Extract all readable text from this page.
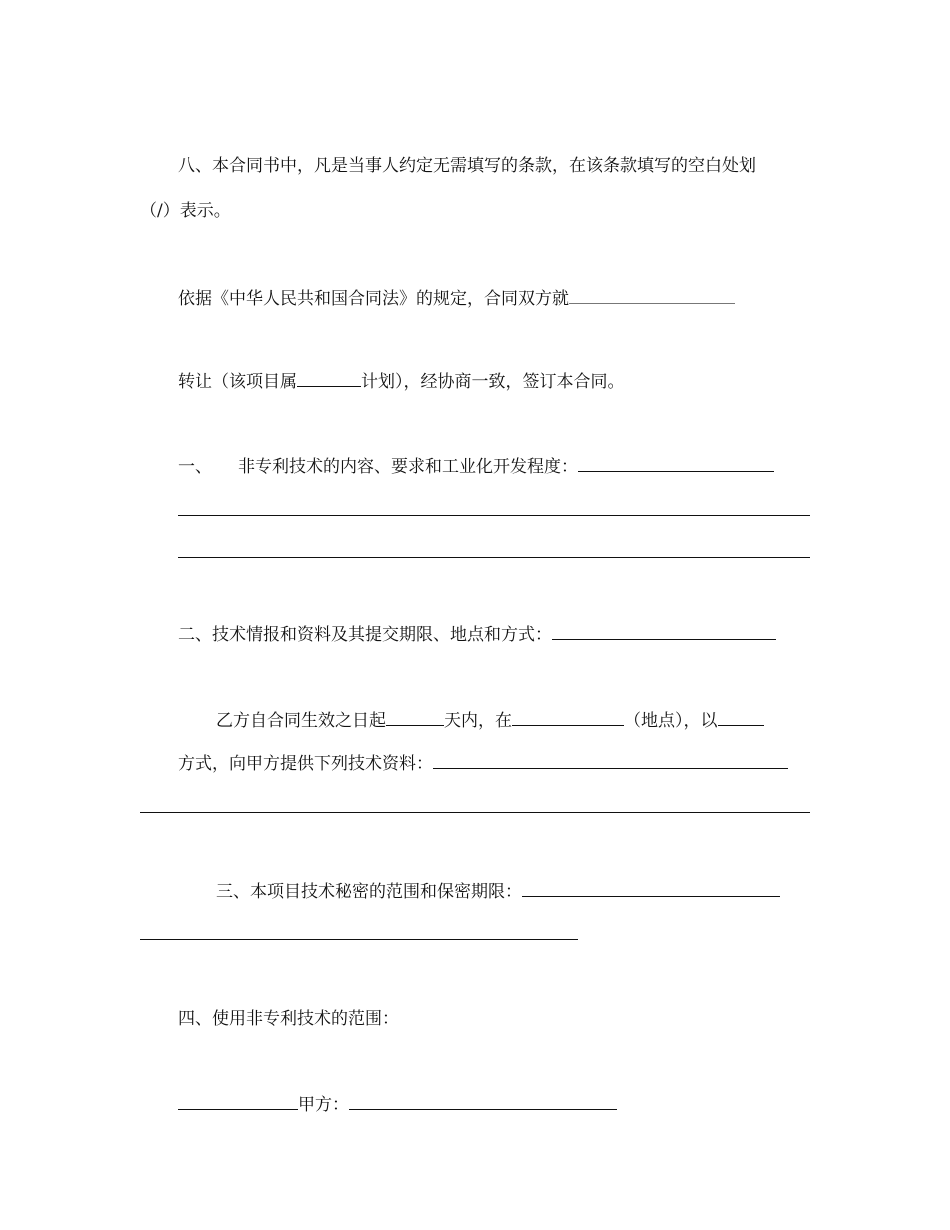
八、本合同书中，凡是当事人约定无需填写的条款，在该条款填写的空白处划
（/）表示。
依据《中华人民共和国合同法》的规定，合同双方就
转让（该项目属	计划），经协商一致，签订本合同。
一、 非专利技术的内容、要求和工业化开发程度：
二、技术情报和资料及其提交期限、地点和方式：
乙方自合同生效之日起	天内，在	（地点），以
方式，向甲方提供下列技术资料：
三、本项目技术秘密的范围和保密期限：
四、使用非专利技术的范围：
甲方：
